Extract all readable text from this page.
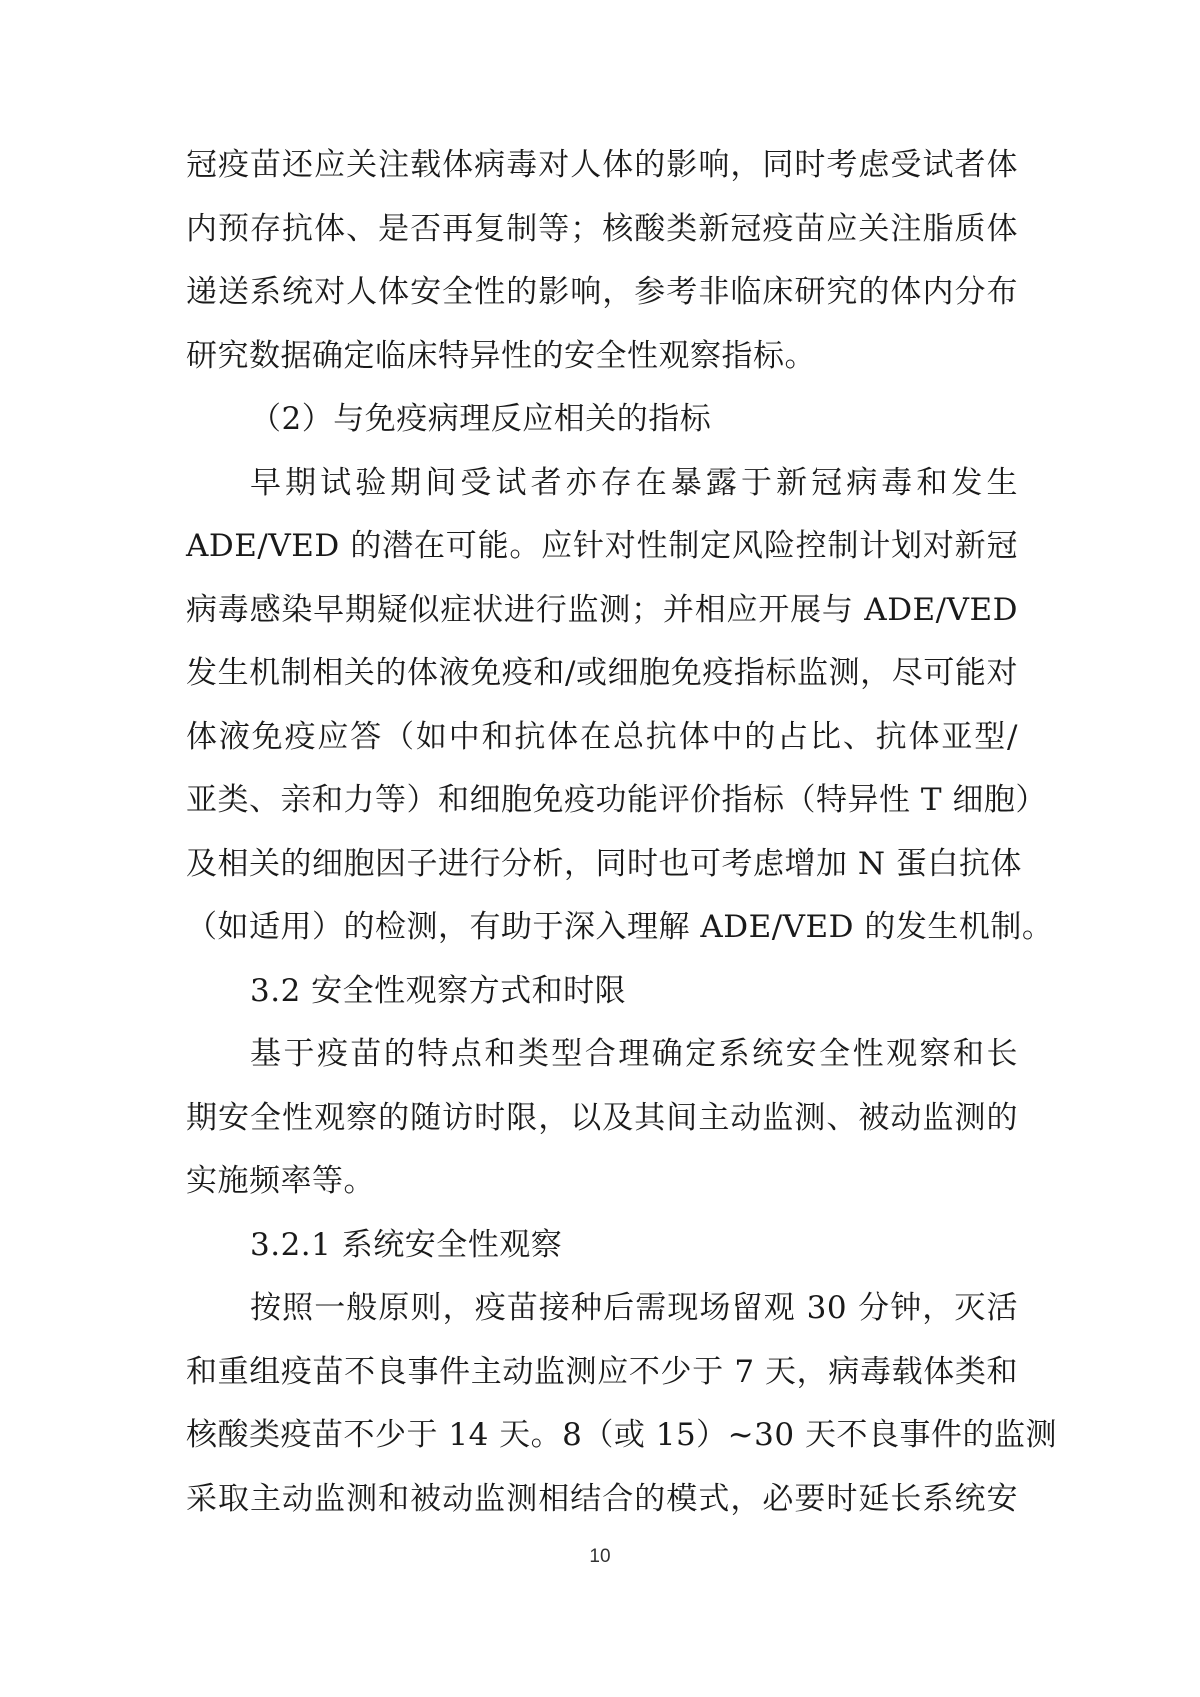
冠疫苗还应关注载体病毒对人体的影响，同时考虑受试者体
内预存抗体、是否再复制等；核酸类新冠疫苗应关注脂质体
递送系统对人体安全性的影响，参考非临床研究的体内分布
研究数据确定临床特异性的安全性观察指标。
（2）与免疫病理反应相关的指标
早期试验期间受试者亦存在暴露于新冠病毒和发生
ADE/VED 的潜在可能。应针对性制定风险控制计划对新冠
病毒感染早期疑似症状进行监测；并相应开展与 ADE/VED
发生机制相关的体液免疫和/或细胞免疫指标监测，尽可能对
体液免疫应答（如中和抗体在总抗体中的占比、抗体亚型/
亚类、亲和力等）和细胞免疫功能评价指标（特异性 T 细胞）
及相关的细胞因子进行分析，同时也可考虑增加 N 蛋白抗体
（如适用）的检测，有助于深入理解 ADE/VED 的发生机制。
3.2 安全性观察方式和时限
基于疫苗的特点和类型合理确定系统安全性观察和长
期安全性观察的随访时限，以及其间主动监测、被动监测的
实施频率等。
3.2.1 系统安全性观察
按照一般原则，疫苗接种后需现场留观 30 分钟，灭活
和重组疫苗不良事件主动监测应不少于 7 天，病毒载体类和
核酸类疫苗不少于 14 天。8（或 15）~30 天不良事件的监测
采取主动监测和被动监测相结合的模式，必要时延长系统安
10
